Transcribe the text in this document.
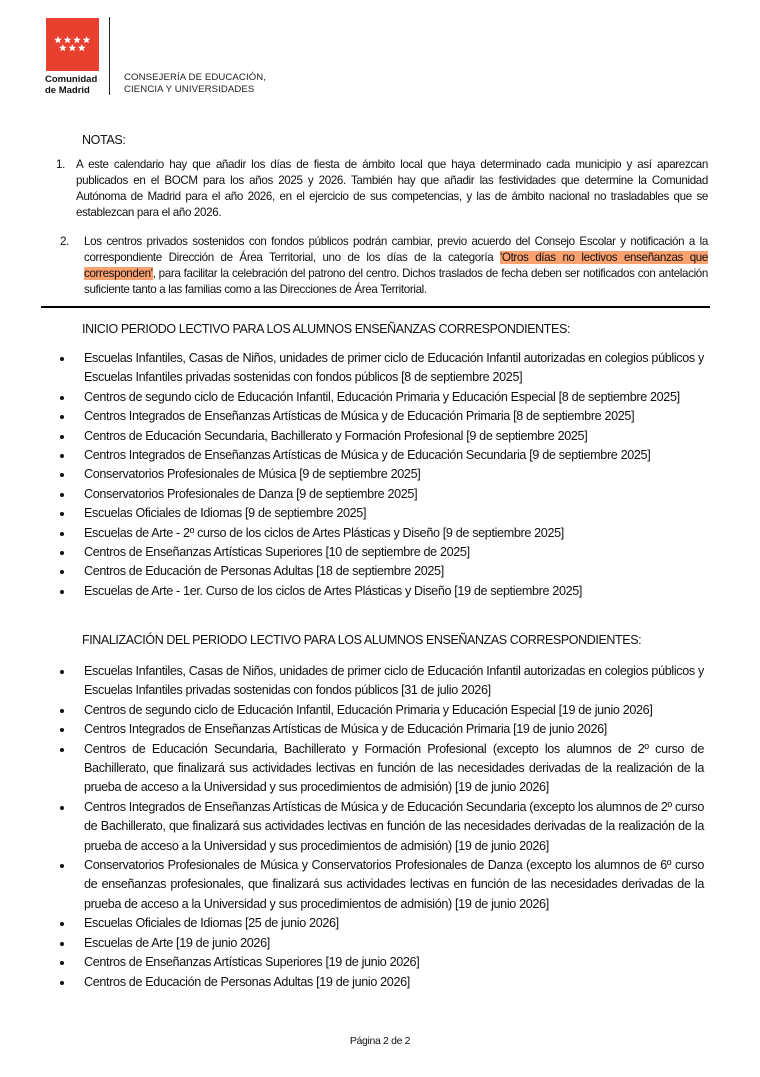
Comunidad
de Madrid
CONSEJERÍA DE EDUCACIÓN,
CIENCIA Y UNIVERSIDADES
NOTAS:
1. A este calendario hay que añadir los días de fiesta de ámbito local que haya determinado cada municipio y así aparezcan publicados en el BOCM para los años 2025 y 2026. También hay que añadir las festividades que determine la Comunidad Autónoma de Madrid para el año 2026, en el ejercicio de sus competencias, y las de ámbito nacional no trasladables que se establezcan para el año 2026.
2. Los centros privados sostenidos con fondos públicos podrán cambiar, previo acuerdo del Consejo Escolar y notificación a la correspondiente Dirección de Área Territorial, uno de los días de la categoría 'Otros días no lectivos enseñanzas que corresponden', para facilitar la celebración del patrono del centro. Dichos traslados de fecha deben ser notificados con antelación suficiente tanto a las familias como a las Direcciones de Área Territorial.
INICIO PERIODO LECTIVO PARA LOS ALUMNOS ENSEÑANZAS CORRESPONDIENTES:
Escuelas Infantiles, Casas de Niños, unidades de primer ciclo de Educación Infantil autorizadas en colegios públicos y Escuelas Infantiles privadas sostenidas con fondos públicos [8 de septiembre 2025]
Centros de segundo ciclo de Educación Infantil, Educación Primaria y Educación Especial [8 de septiembre 2025]
Centros Integrados de Enseñanzas Artísticas de Música y de Educación Primaria [8 de septiembre 2025]
Centros de Educación Secundaria, Bachillerato y Formación Profesional [9 de septiembre 2025]
Centros Integrados de Enseñanzas Artísticas de Música y de Educación Secundaria [9 de septiembre 2025]
Conservatorios Profesionales de Música [9 de septiembre 2025]
Conservatorios Profesionales de Danza [9 de septiembre 2025]
Escuelas Oficiales de Idiomas [9 de septiembre 2025]
Escuelas de Arte - 2º curso de los ciclos de Artes Plásticas y Diseño [9 de septiembre 2025]
Centros de Enseñanzas Artísticas Superiores [10 de septiembre de 2025]
Centros de Educación de Personas Adultas [18 de septiembre 2025]
Escuelas de Arte - 1er. Curso de los ciclos de Artes Plásticas y Diseño [19 de septiembre 2025]
FINALIZACIÓN DEL PERIODO LECTIVO PARA LOS ALUMNOS ENSEÑANZAS CORRESPONDIENTES:
Escuelas Infantiles, Casas de Niños, unidades de primer ciclo de Educación Infantil autorizadas en colegios públicos y Escuelas Infantiles privadas sostenidas con fondos públicos [31 de julio 2026]
Centros de segundo ciclo de Educación Infantil, Educación Primaria y Educación Especial [19 de junio 2026]
Centros Integrados de Enseñanzas Artísticas de Música y de Educación Primaria [19 de junio 2026]
Centros de Educación Secundaria, Bachillerato y Formación Profesional (excepto los alumnos de 2º curso de Bachillerato, que finalizará sus actividades lectivas en función de las necesidades derivadas de la realización de la prueba de acceso a la Universidad y sus procedimientos de admisión) [19 de junio 2026]
Centros Integrados de Enseñanzas Artísticas de Música y de Educación Secundaria (excepto los alumnos de 2º curso de Bachillerato, que finalizará sus actividades lectivas en función de las necesidades derivadas de la realización de la prueba de acceso a la Universidad y sus procedimientos de admisión) [19 de junio 2026]
Conservatorios Profesionales de Música y Conservatorios Profesionales de Danza (excepto los alumnos de 6º curso de enseñanzas profesionales, que finalizará sus actividades lectivas en función de las necesidades derivadas de la prueba de acceso a la Universidad y sus procedimientos de admisión) [19 de junio 2026]
Escuelas Oficiales de Idiomas [25 de junio 2026]
Escuelas de Arte [19 de junio 2026]
Centros de Enseñanzas Artísticas Superiores [19 de junio 2026]
Centros de Educación de Personas Adultas [19 de junio 2026]
Página 2 de 2
